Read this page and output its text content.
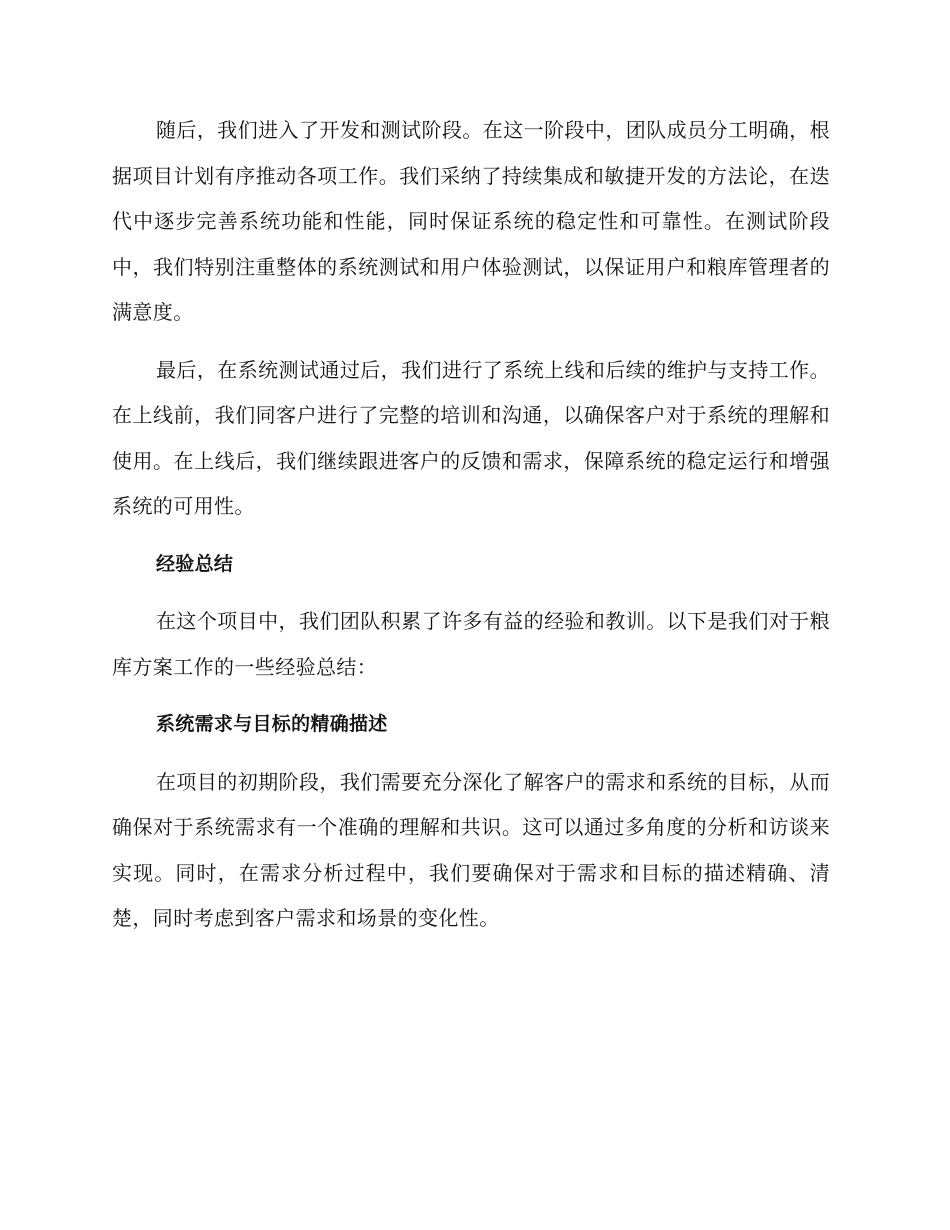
随后，我们进入了开发和测试阶段。在这一阶段中，团队成员分工明确，根据项目计划有序推动各项工作。我们采纳了持续集成和敏捷开发的方法论，在迭代中逐步完善系统功能和性能，同时保证系统的稳定性和可靠性。在测试阶段中，我们特别注重整体的系统测试和用户体验测试，以保证用户和粮库管理者的满意度。

最后，在系统测试通过后，我们进行了系统上线和后续的维护与支持工作。在上线前，我们同客户进行了完整的培训和沟通，以确保客户对于系统的理解和使用。在上线后，我们继续跟进客户的反馈和需求，保障系统的稳定运行和增强系统的可用性。

经验总结

在这个项目中，我们团队积累了许多有益的经验和教训。以下是我们对于粮库方案工作的一些经验总结：

系统需求与目标的精确描述

在项目的初期阶段，我们需要充分深化了解客户的需求和系统的目标，从而确保对于系统需求有一个准确的理解和共识。这可以通过多角度的分析和访谈来实现。同时，在需求分析过程中，我们要确保对于需求和目标的描述精确、清楚，同时考虑到客户需求和场景的变化性。
